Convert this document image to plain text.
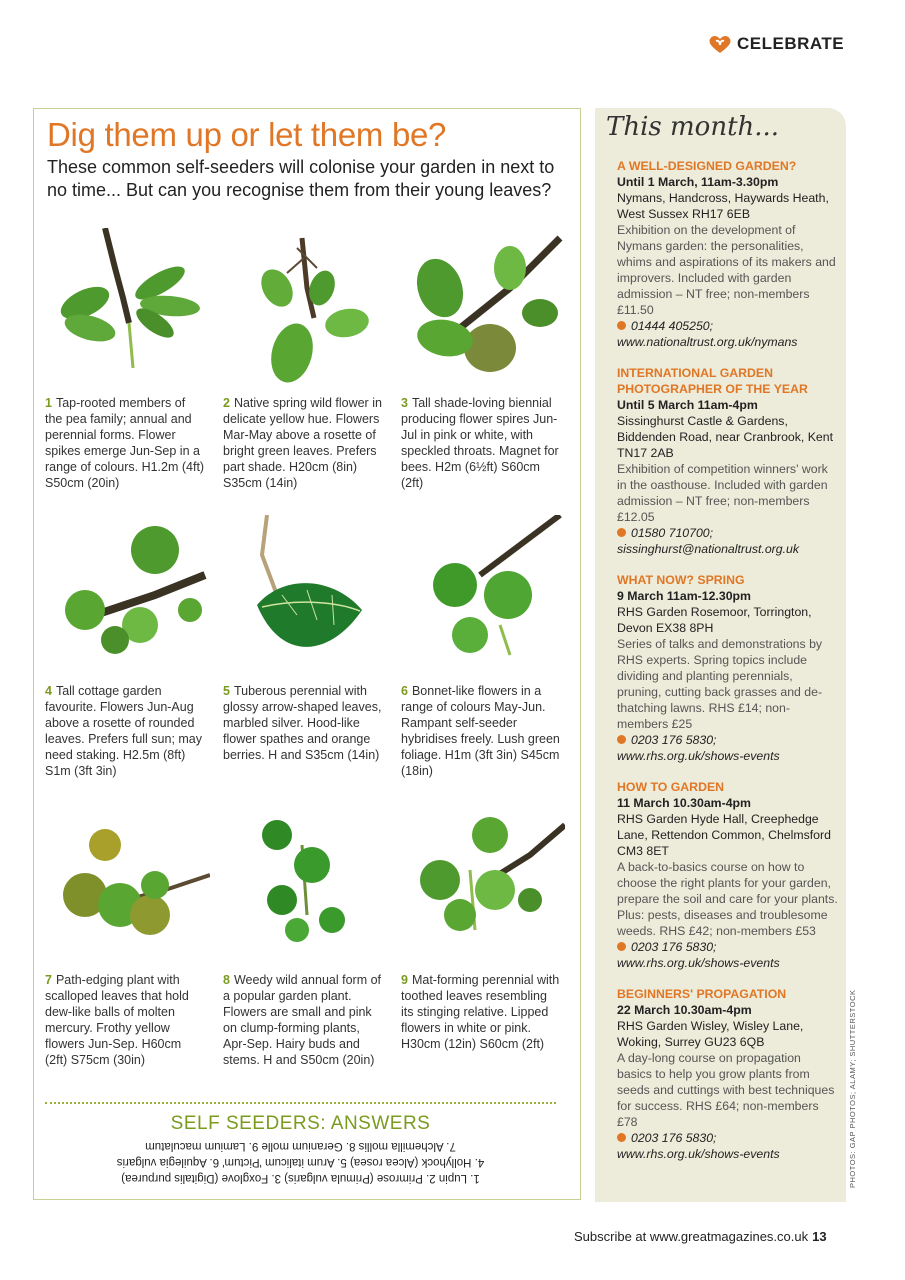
CELEBRATE
Dig them up or let them be?

These common self-seeders will colonise your garden in next to no time... But can you recognise them from their young leaves?

1 Tap-rooted members of the pea family; annual and perennial forms. Flower spikes emerge Jun-Sep in a range of colours. H1.2m (4ft) S50cm (20in)

2 Native spring wild flower in delicate yellow hue. Flowers Mar-May above a rosette of bright green leaves. Prefers part shade. H20cm (8in) S35cm (14in)

3 Tall shade-loving biennial producing flower spires Jun-Jul in pink or white, with speckled throats. Magnet for bees. H2m (6½ft) S60cm (2ft)

4 Tall cottage garden favourite. Flowers Jun-Aug above a rosette of rounded leaves. Prefers full sun; may need staking. H2.5m (8ft) S1m (3ft 3in)

5 Tuberous perennial with glossy arrow-shaped leaves, marbled silver. Hood-like flower spathes and orange berries. H and S35cm (14in)

6 Bonnet-like flowers in a range of colours May-Jun. Rampant self-seeder hybridises freely. Lush green foliage. H1m (3ft 3in) S45cm (18in)

7 Path-edging plant with scalloped leaves that hold dew-like balls of molten mercury. Frothy yellow flowers Jun-Sep. H60cm (2ft) S75cm (30in)

8 Weedy wild annual form of a popular garden plant. Flowers are small and pink on clump-forming plants, Apr-Sep. Hairy buds and stems. H and S50cm (20in)

9 Mat-forming perennial with toothed leaves resembling its stinging relative. Lipped flowers in white or pink. H30cm (12in) S60cm (2ft)

SELF SEEDERS: ANSWERS

1. Lupin 2. Primrose (Primula vulgaris) 3. Foxglove (Digitalis purpurea)

4. Hollyhock (Alcea rosea) 5. Arum italicum 'Pictum' 6. Aquilegia vulgaris

7. Alchemilla mollis 8. Geranium molle 9. Lamium maculatum

This month...
A WELL-DESIGNED GARDEN?
Until 1 March, 11am-3.30pm
Nymans, Handcross, Haywards Heath, West Sussex RH17 6EB
Exhibition on the development of Nymans garden: the personalities, whims and aspirations of its makers and improvers. Included with garden admission – NT free; non-members £11.50
01444 405250;
www.nationaltrust.org.uk/nymans
INTERNATIONAL GARDEN PHOTOGRAPHER OF THE YEAR
Until 5 March 11am-4pm
Sissinghurst Castle & Gardens, Biddenden Road, near Cranbrook, Kent TN17 2AB
Exhibition of competition winners' work in the oasthouse. Included with garden admission – NT free; non-members £12.05
01580 710700;
sissinghurst@nationaltrust.org.uk
WHAT NOW? SPRING
9 March 11am-12.30pm
RHS Garden Rosemoor, Torrington, Devon EX38 8PH
Series of talks and demonstrations by RHS experts. Spring topics include dividing and planting perennials, pruning, cutting back grasses and de-thatching lawns. RHS £14; non-members £25
0203 176 5830;
www.rhs.org.uk/shows-events
HOW TO GARDEN
11 March 10.30am-4pm
RHS Garden Hyde Hall, Creephedge Lane, Rettendon Common, Chelmsford CM3 8ET
A back-to-basics course on how to choose the right plants for your garden, prepare the soil and care for your plants. Plus: pests, diseases and troublesome weeds. RHS £42; non-members £53
0203 176 5830;
www.rhs.org.uk/shows-events
BEGINNERS' PROPAGATION
22 March 10.30am-4pm
RHS Garden Wisley, Wisley Lane, Woking, Surrey GU23 6QB
A day-long course on propagation basics to help you grow plants from seeds and cuttings with best techniques for success. RHS £64; non-members £78
0203 176 5830;
www.rhs.org.uk/shows-events	PHOTOS: GAP PHOTOS; ALAMY; SHUTTERSTOCK
Subscribe at www.greatmagazines.co.uk 13
